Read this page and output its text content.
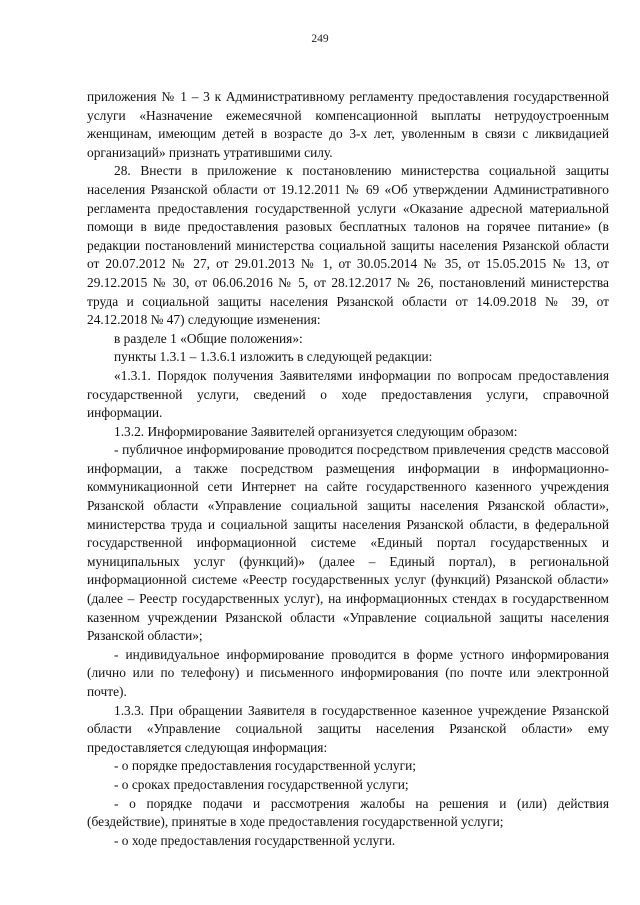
249

приложения № 1 – 3 к Административному регламенту предоставления государственной услуги «Назначение ежемесячной компенсационной выплаты нетрудоустроенным женщинам, имеющим детей в возрасте до 3-х лет, уволенным в связи с ликвидацией организаций» признать утратившими силу.

28. Внести в приложение к постановлению министерства социальной защиты населения Рязанской области от 19.12.2011 № 69 «Об утверждении Административного регламента предоставления государственной услуги «Оказание адресной материальной помощи в виде предоставления разовых бесплатных талонов на горячее питание» (в редакции постановлений министерства социальной защиты населения Рязанской области от 20.07.2012 № 27, от 29.01.2013 № 1, от 30.05.2014 № 35, от 15.05.2015 № 13, от 29.12.2015 № 30, от 06.06.2016 № 5, от 28.12.2017 № 26, постановлений министерства труда и социальной защиты населения Рязанской области от 14.09.2018 № 39, от 24.12.2018 № 47) следующие изменения:

в разделе 1 «Общие положения»:

пункты 1.3.1 – 1.3.6.1 изложить в следующей редакции:

«1.3.1. Порядок получения Заявителями информации по вопросам предоставления государственной услуги, сведений о ходе предоставления услуги, справочной информации.

1.3.2. Информирование Заявителей организуется следующим образом:

- публичное информирование проводится посредством привлечения средств массовой информации, а также посредством размещения информации в информационно-коммуникационной сети Интернет на сайте государственного казенного учреждения Рязанской области «Управление социальной защиты населения Рязанской области», министерства труда и социальной защиты населения Рязанской области, в федеральной государственной информационной системе «Единый портал государственных и муниципальных услуг (функций)» (далее – Единый портал), в региональной информационной системе «Реестр государственных услуг (функций) Рязанской области» (далее – Реестр государственных услуг), на информационных стендах в государственном казенном учреждении Рязанской области «Управление социальной защиты населения Рязанской области»;

- индивидуальное информирование проводится в форме устного информирования (лично или по телефону) и письменного информирования (по почте или электронной почте).

1.3.3. При обращении Заявителя в государственное казенное учреждение Рязанской области «Управление социальной защиты населения Рязанской области» ему предоставляется следующая информация:

- о порядке предоставления государственной услуги;

- о сроках предоставления государственной услуги;

- о порядке подачи и рассмотрения жалобы на решения и (или) действия (бездействие), принятые в ходе предоставления государственной услуги;

- о ходе предоставления государственной услуги.
